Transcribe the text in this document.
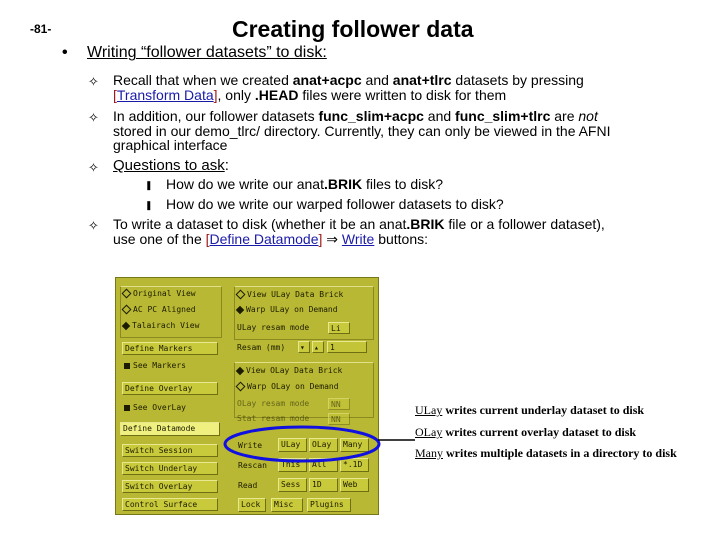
-81-	Creating follower data
• Writing “follower datasets” to disk:
✧ Recall that when we created anat+acpc and anat+tlrc datasets by pressing
[Transform Data], only .HEAD files were written to disk for them
✧ In addition, our follower datasets func_slim+acpc and func_slim+tlrc are not
stored in our demo_tlrc/ directory. Currently, they can only be viewed in the AFNI
graphical interface
✧ Questions to ask:
❚ How do we write our anat.BRIK files to disk?
❚ How do we write our warped follower datasets to disk?
✧ To write a dataset to disk (whether it be an anat.BRIK file or a follower dataset),
use one of the [Define Datamode] ⇒ Write buttons:
Original View
AC PC Aligned
Talairach View
Define Markers
See Markers
Define Overlay
See OverLay
Define Datamode
Switch Session
Switch Underlay
Switch OverLay
Control Surface
View ULay Data Brick
Warp ULay on Demand
ULay resam mode	Li
Resam (mm) ▾	▴	1
View OLay Data Brick
Warp OLay on Demand
OLay resam mode	NN
Stat resam mode	NN
Write	ULay	OLay	Many
Rescan	This	All	*.1D
Read	Sess	1D	Web
Lock	Misc	Plugins
ULay writes current underlay dataset to disk
OLay writes current overlay dataset to disk
Many writes multiple datasets in a directory to disk
